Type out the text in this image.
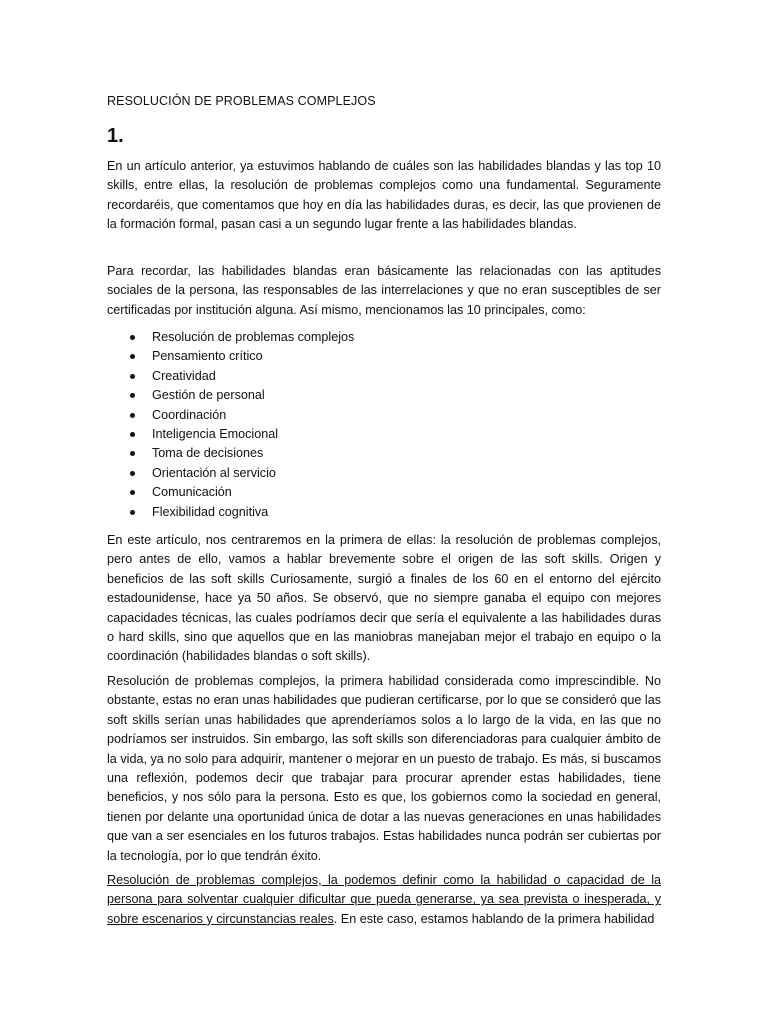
RESOLUCIÓN DE PROBLEMAS COMPLEJOS
1.

En un artículo anterior, ya estuvimos hablando de cuáles son las habilidades blandas y las top 10 skills, entre ellas, la resolución de problemas complejos como una fundamental. Seguramente recordaréis, que comentamos que hoy en día las habilidades duras, es decir, las que provienen de la formación formal, pasan casi a un segundo lugar frente a las habilidades blandas.

Para recordar, las habilidades blandas eran básicamente las relacionadas con las aptitudes sociales de la persona, las responsables de las interrelaciones y que no eran susceptibles de ser certificadas por institución alguna. Así mismo, mencionamos las 10 principales, como:

Resolución de problemas complejos
Pensamiento crítico
Creatividad
Gestión de personal
Coordinación
Inteligencia Emocional
Toma de decisiones
Orientación al servicio
Comunicación
Flexibilidad cognitiva

En este artículo, nos centraremos en la primera de ellas: la resolución de problemas complejos, pero antes de ello, vamos a hablar brevemente sobre el origen de las soft skills. Origen y beneficios de las soft skills Curiosamente, surgió a finales de los 60 en el entorno del ejército estadounidense, hace ya 50 años. Se observó, que no siempre ganaba el equipo con mejores capacidades técnicas, las cuales podríamos decir que sería el equivalente a las habilidades duras o hard skills, sino que aquellos que en las maniobras manejaban mejor el trabajo en equipo o la coordinación (habilidades blandas o soft skills).

Resolución de problemas complejos, la primera habilidad considerada como imprescindible. No obstante, estas no eran unas habilidades que pudieran certificarse, por lo que se consideró que las soft skills serían unas habilidades que aprenderíamos solos a lo largo de la vida, en las que no podríamos ser instruidos. Sin embargo, las soft skills son diferenciadoras para cualquier ámbito de la vida, ya no solo para adquirir, mantener o mejorar en un puesto de trabajo. Es más, si buscamos una reflexión, podemos decir que trabajar para procurar aprender estas habilidades, tiene beneficios, y nos sólo para la persona. Esto es que, los gobiernos como la sociedad en general, tienen por delante una oportunidad única de dotar a las nuevas generaciones en unas habilidades que van a ser esenciales en los futuros trabajos. Estas habilidades nunca podrán ser cubiertas por la tecnología, por lo que tendrán éxito.

Resolución de problemas complejos, la podemos definir como la habilidad o capacidad de la persona para solventar cualquier dificultar que pueda generarse, ya sea prevista o inesperada, y sobre escenarios y circunstancias reales. En este caso, estamos hablando de la primera habilidad
